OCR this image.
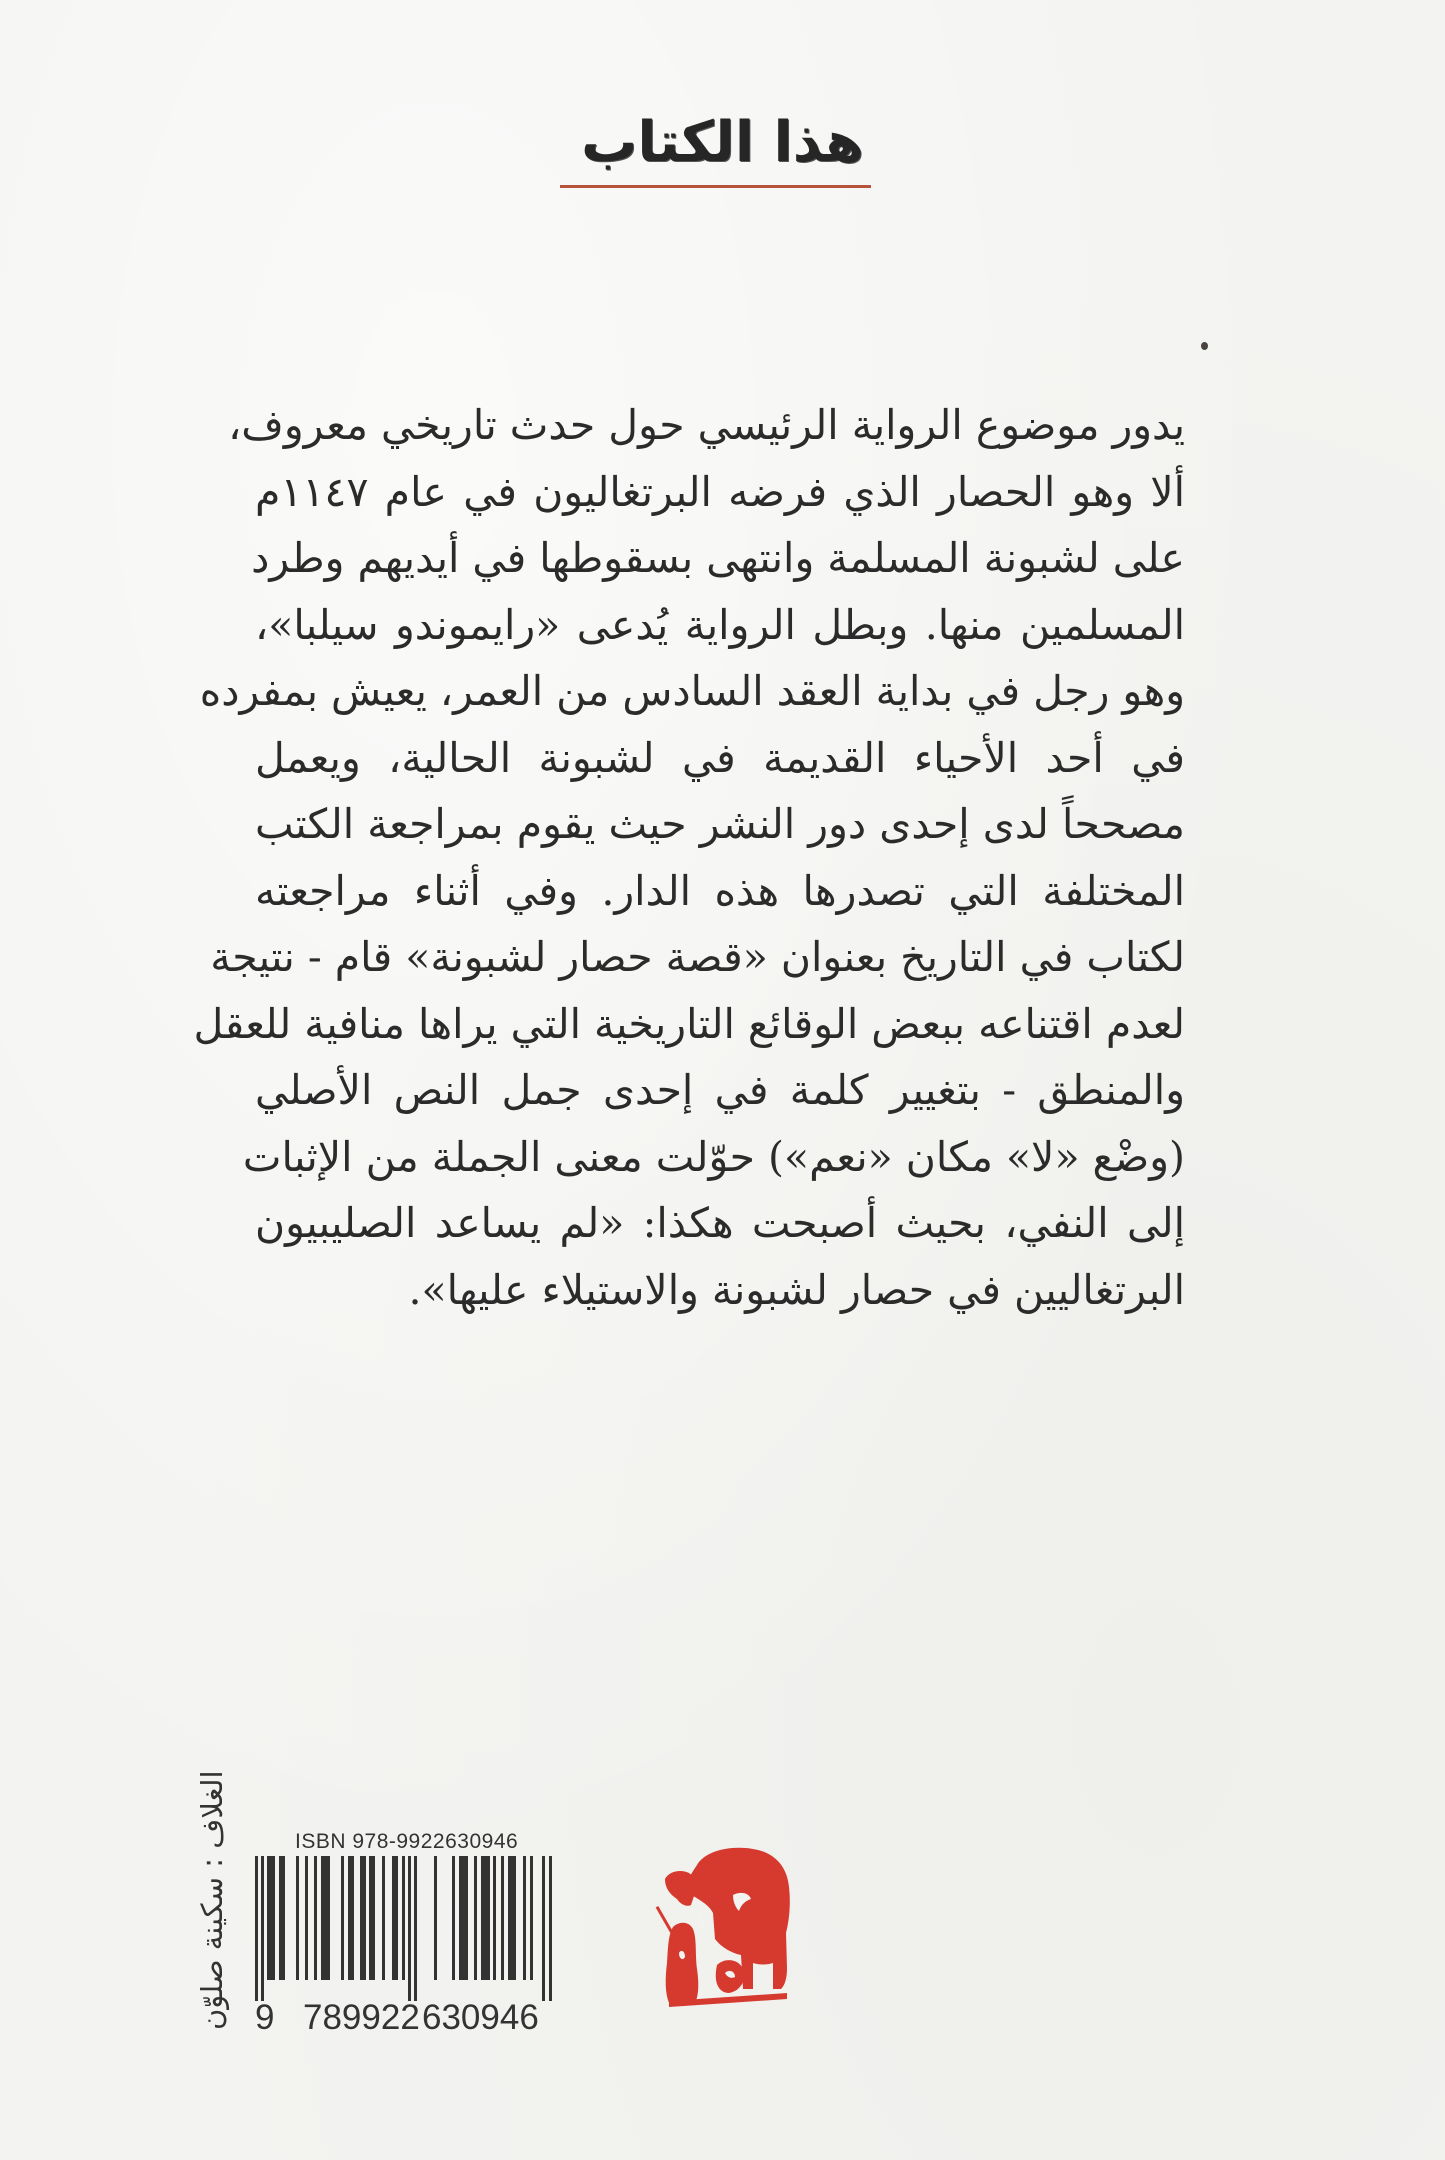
هذا الكتاب
يدور موضوع الرواية الرئيسي حول حدث تاريخي معروف،
ألا وهو الحصار الذي فرضه البرتغاليون في عام ١١٤٧م
على لشبونة المسلمة وانتهى بسقوطها في أيديهم وطرد
المسلمين منها. وبطل الرواية يُدعى «رايموندو سيلبا»،
وهو رجل في بداية العقد السادس من العمر، يعيش بمفرده
في أحد الأحياء القديمة في لشبونة الحالية، ويعمل
مصححاً لدى إحدى دور النشر حيث يقوم بمراجعة الكتب
المختلفة التي تصدرها هذه الدار. وفي أثناء مراجعته
لكتاب في التاريخ بعنوان «قصة حصار لشبونة» قام - نتيجة
لعدم اقتناعه ببعض الوقائع التاريخية التي يراها منافية للعقل
والمنطق - بتغيير كلمة في إحدى جمل النص الأصلي
(وضْع «لا» مكان «نعم») حوّلت معنى الجملة من الإثبات
إلى النفي، بحيث أصبحت هكذا: «لم يساعد الصليبيون
البرتغاليين في حصار لشبونة والاستيلاء عليها».
الغلاف : سكينة صلوّن	ISBN 978-9922630946
9 789922 630946
